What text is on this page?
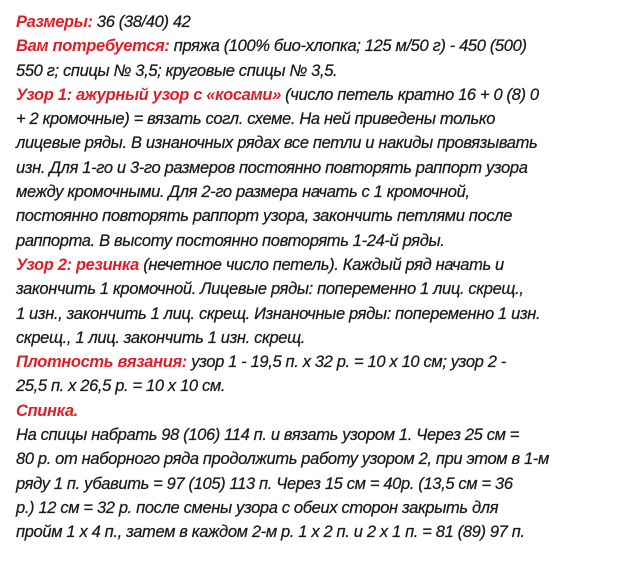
Размеры: 36 (38/40) 42
Вам потребуется: пряжа (100% био-хлопка; 125 м/50 г) - 450 (500)
550 г; спицы № 3,5; круговые спицы № 3,5.
Узор 1: ажурный узор с «косами» (число петель кратно 16 + 0 (8) 0
+ 2 кромочные) = вязать согл. схеме. На ней приведены только
лицевые ряды. В изнаночных рядах все петли и накиды провязывать
изн. Для 1-го и 3-го размеров постоянно повторять раппорт узора
между кромочными. Для 2-го размера начать с 1 кромочной,
постоянно повторять раппорт узора, закончить петлями после
раппорта. В высоту постоянно повторять 1-24-й ряды.
Узор 2: резинка (нечетное число петель). Каждый ряд начать и
закончить 1 кромочной. Лицевые ряды: попеременно 1 лиц. скрещ.,
1 изн., закончить 1 лиц. скрещ. Изнаночные ряды: попеременно 1 изн.
скрещ., 1 лиц. закончить 1 изн. скрещ.
Плотность вязания: узор 1 - 19,5 п. х 32 р. = 10 х 10 см; узор 2 -
25,5 п. х 26,5 р. = 10 х 10 см.
Спинка.
На спицы набрать 98 (106) 114 п. и вязать узором 1. Через 25 см =
80 р. от наборного ряда продолжить работу узором 2, при этом в 1-м
ряду 1 п. убавить = 97 (105) 113 п. Через 15 см = 40р. (13,5 см = 36
р.) 12 см = 32 р. после смены узора с обеих сторон закрыть для
пройм 1 х 4 п., затем в каждом 2-м р. 1 х 2 п. и 2 х 1 п. = 81 (89) 97 п.
